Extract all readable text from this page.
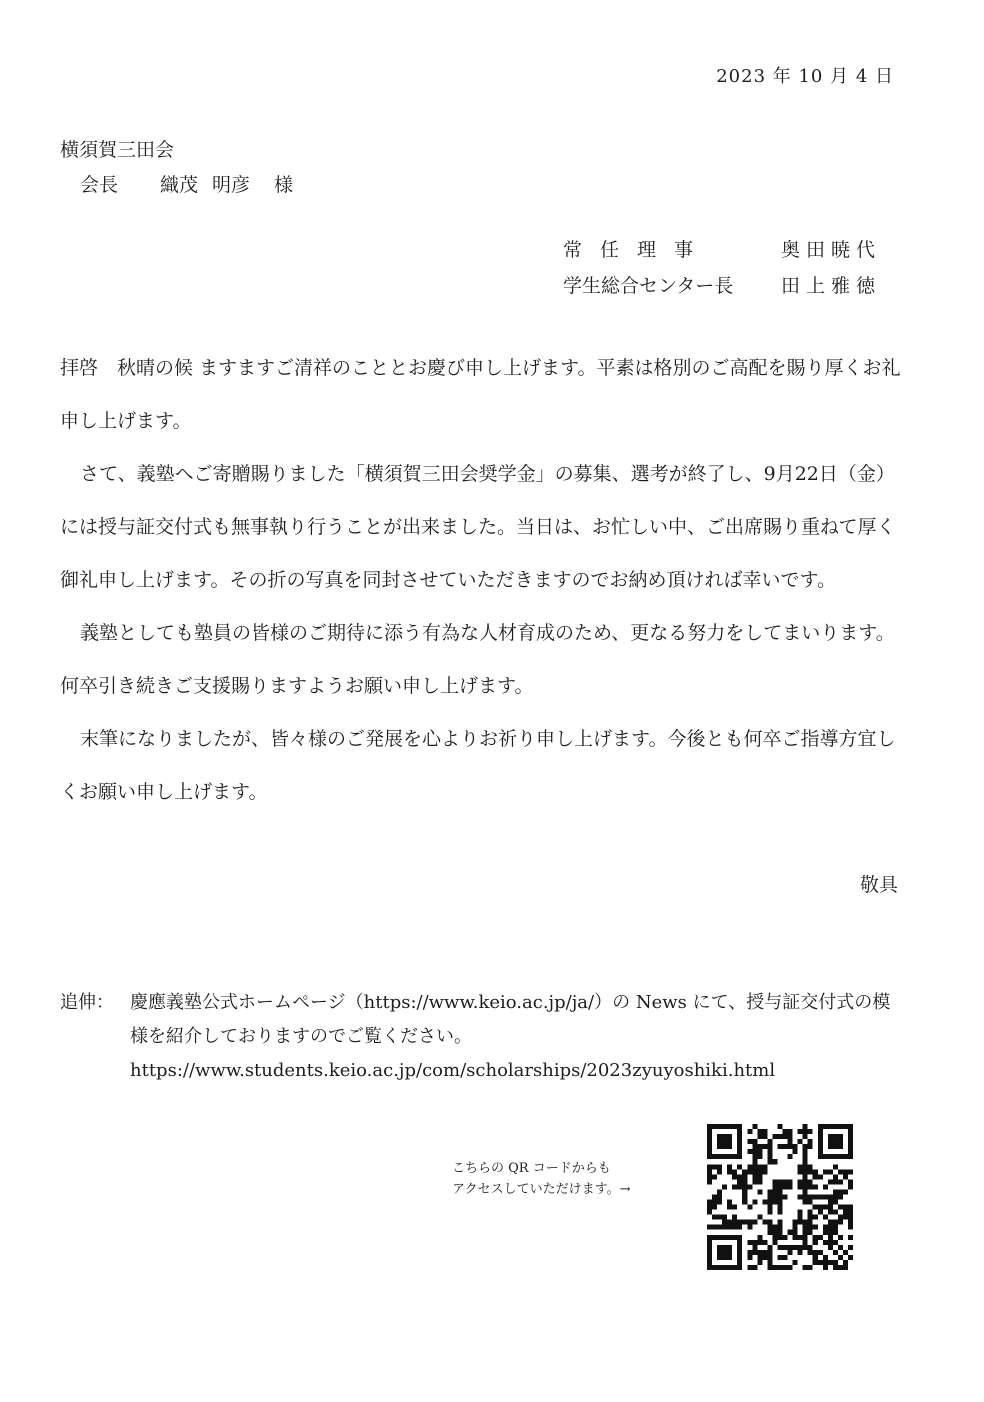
2023 年 10 月 4 日
横須賀三田会
会長 織茂 明彦 様
常任理事	奥田暁代
学生総合センター長	田上雅徳

拝啓　秋晴の候 ますますご清祥のこととお慶び申し上げます。平素は格別のご高配を賜り厚くお礼申し上げます。

さて、義塾へご寄贈賜りました「横須賀三田会奨学金」の募集、選考が終了し、9月22日（金）には授与証交付式も無事執り行うことが出来ました。当日は、お忙しい中、ご出席賜り重ねて厚く御礼申し上げます。その折の写真を同封させていただきますのでお納め頂ければ幸いです。

義塾としても塾員の皆様のご期待に添う有為な人材育成のため、更なる努力をしてまいります。何卒引き続きご支援賜りますようお願い申し上げます。

末筆になりましたが、皆々様のご発展を心よりお祈り申し上げます。今後とも何卒ご指導方宜しくお願い申し上げます。

敬具
追伸： 慶應義塾公式ホームページ（https://www.keio.ac.jp/ja/）の News にて、授与証交付式の模様を紹介しておりますのでご覧ください。
https://www.students.keio.ac.jp/com/scholarships/2023zyuyoshiki.html
こちらの QR コードからも
アクセスしていただけます。→
